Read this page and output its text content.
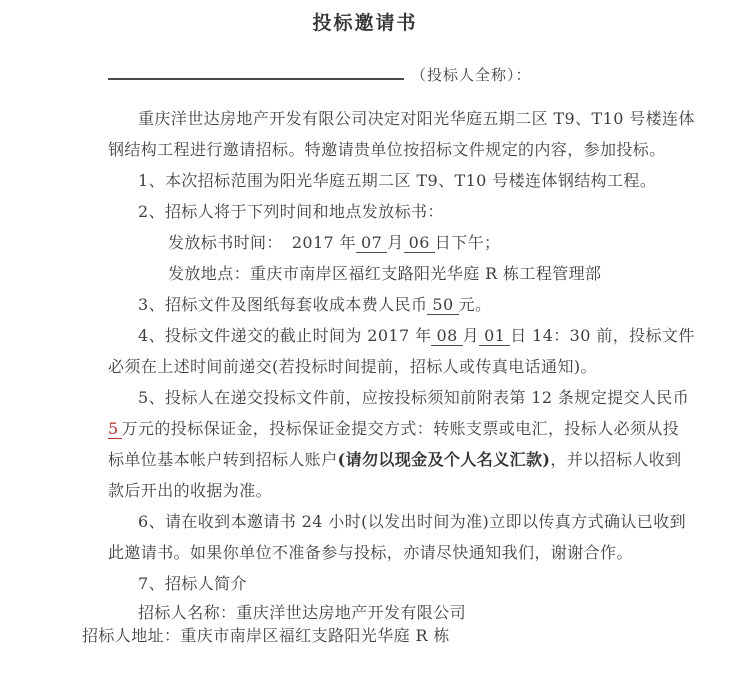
投标邀请书
（投标人全称）：
重庆洋世达房地产开发有限公司决定对阳光华庭五期二区 T9、T10 号楼连体
钢结构工程进行邀请招标。特邀请贵单位按招标文件规定的内容，参加投标。
1、本次招标范围为阳光华庭五期二区 T9、T10 号楼连体钢结构工程。
2、招标人将于下列时间和地点发放标书：
发放标书时间： 2017 年 07 月 06 日下午；
发放地点：重庆市南岸区福红支路阳光华庭 R 栋工程管理部
3、招标文件及图纸每套收成本费人民币 50 元。
4、投标文件递交的截止时间为 2017 年 08 月 01 日 14：30 前，投标文件
必须在上述时间前递交(若投标时间提前，招标人或传真电话通知)。
5、投标人在递交投标文件前，应按投标须知前附表第 12 条规定提交人民币
5 万元的投标保证金，投标保证金提交方式：转账支票或电汇，投标人必须从投
标单位基本帐户转到招标人账户(请勿以现金及个人名义汇款)，并以招标人收到
款后开出的收据为准。
6、请在收到本邀请书 24 小时(以发出时间为准)立即以传真方式确认已收到
此邀请书。如果你单位不准备参与投标，亦请尽快通知我们，谢谢合作。
7、招标人简介
招标人名称：重庆洋世达房地产开发有限公司
招标人地址：重庆市南岸区福红支路阳光华庭 R 栋
